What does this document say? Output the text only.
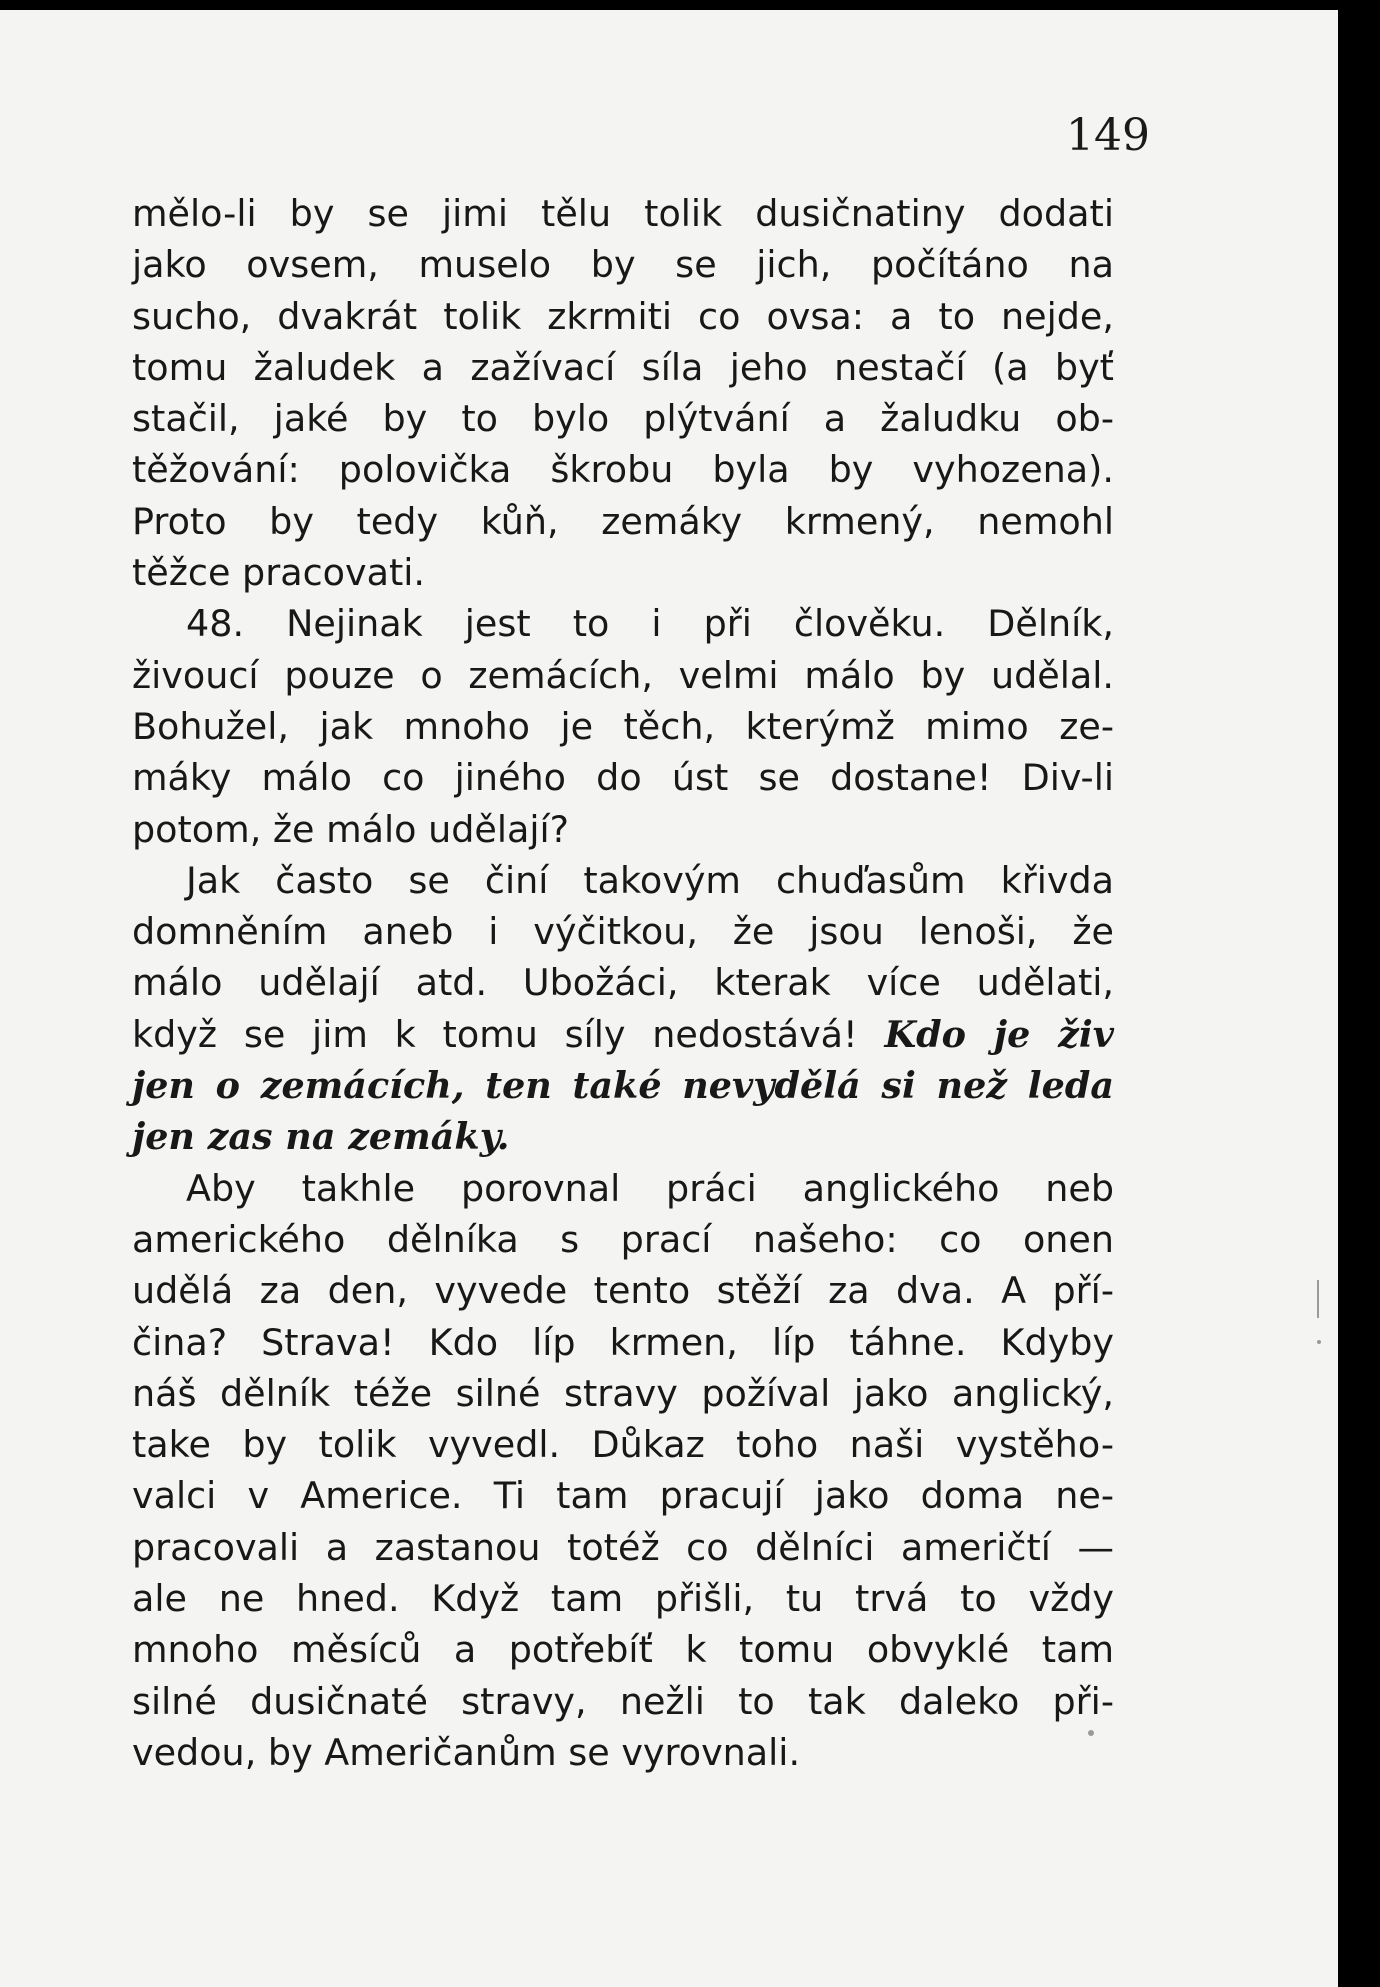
149
mělo-li by se jimi tělu tolik dusičnatiny dodati
jako ovsem, muselo by se jich, počítáno na
sucho, dvakrát tolik zkrmiti co ovsa: a to nejde,
tomu žaludek a zažívací síla jeho nestačí (a byť
stačil, jaké by to bylo plýtvání a žaludku ob-
těžování: polovička škrobu byla by vyhozena).
Proto by tedy kůň, zemáky krmený, nemohl
těžce pracovati.
48. Nejinak jest to i při člověku. Dělník,
živoucí pouze o zemácích, velmi málo by udělal.
Bohužel, jak mnoho je těch, kterýmž mimo ze-
máky málo co jiného do úst se dostane! Div-li
potom, že málo udělají?
Jak často se činí takovým chuďasům křivda
domněním aneb i výčitkou, že jsou lenoši, že
málo udělají atd. Ubožáci, kterak více udělati,
když se jim k tomu síly nedostává! Kdo je živ
jen o zemácích, ten také nevydělá si než leda
jen zas na zemáky.
Aby takhle porovnal práci anglického neb
amerického dělníka s prací našeho: co onen
udělá za den, vyvede tento stěží za dva. A pří-
čina? Strava! Kdo líp krmen, líp táhne. Kdyby
náš dělník téže silné stravy požíval jako anglický,
take by tolik vyvedl. Důkaz toho naši vystěho-
valci v Americe. Ti tam pracují jako doma ne-
pracovali a zastanou totéž co dělníci američtí —
ale ne hned. Když tam přišli, tu trvá to vždy
mnoho měsíců a potřebíť k tomu obvyklé tam
silné dusičnaté stravy, nežli to tak daleko při-
vedou, by Američanům se vyrovnali.
